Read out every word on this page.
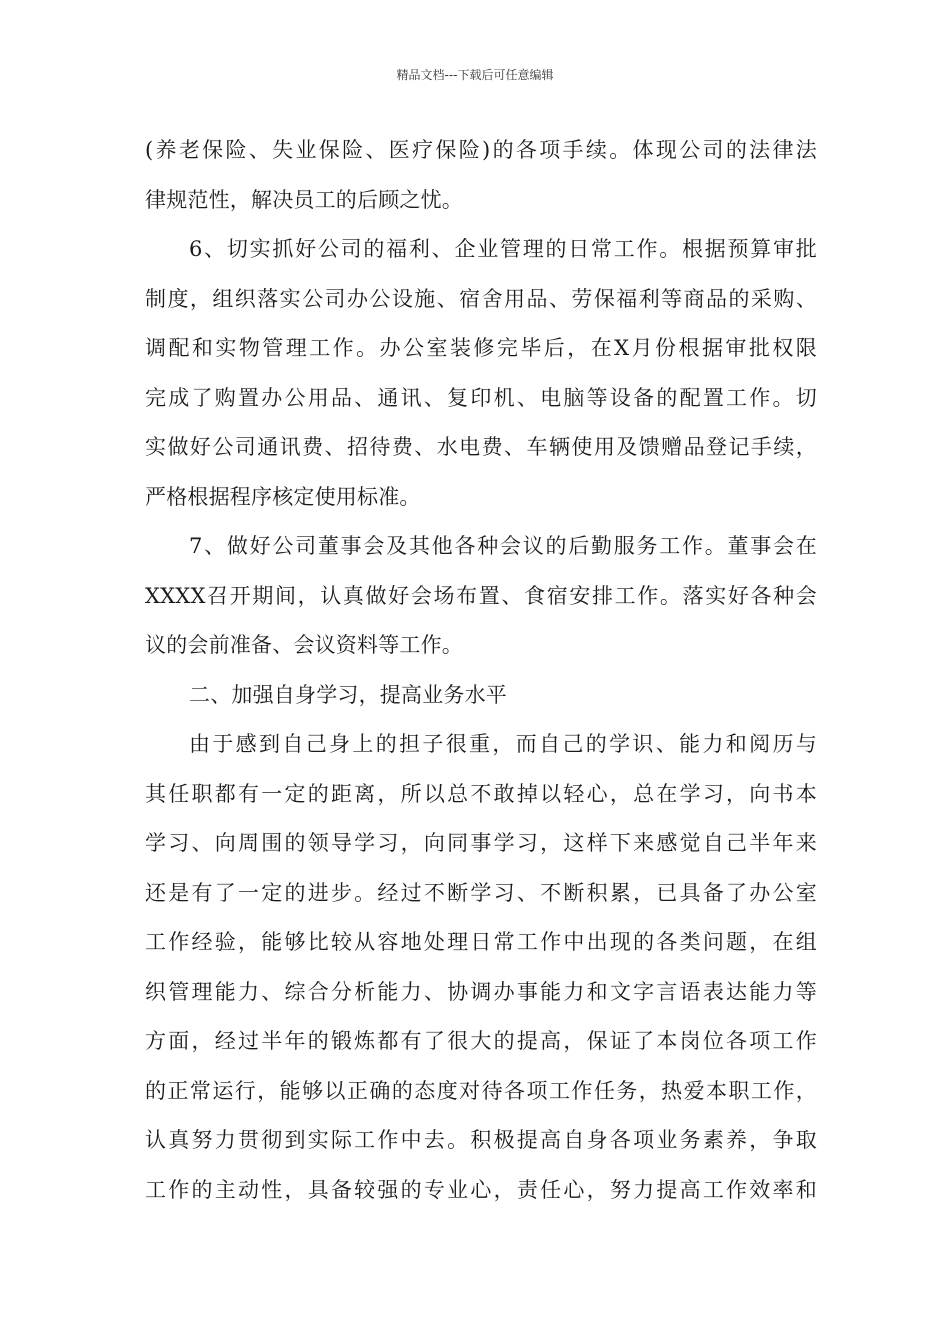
精品文档---下载后可任意编辑
(养老保险、失业保险、医疗保险)的各项手续。体现公司的法律法
律规范性，解决员工的后顾之忧。
6、切实抓好公司的福利、企业管理的日常工作。根据预算审批
制度，组织落实公司办公设施、宿舍用品、劳保福利等商品的采购、
调配和实物管理工作。办公室装修完毕后，在X月份根据审批权限
完成了购置办公用品、通讯、复印机、电脑等设备的配置工作。切
实做好公司通讯费、招待费、水电费、车辆使用及馈赠品登记手续，
严格根据程序核定使用标准。
7、做好公司董事会及其他各种会议的后勤服务工作。董事会在
XXXX召开期间，认真做好会场布置、食宿安排工作。落实好各种会
议的会前准备、会议资料等工作。
二、加强自身学习，提高业务水平
由于感到自己身上的担子很重，而自己的学识、能力和阅历与
其任职都有一定的距离，所以总不敢掉以轻心，总在学习，向书本
学习、向周围的领导学习，向同事学习，这样下来感觉自己半年来
还是有了一定的进步。经过不断学习、不断积累，已具备了办公室
工作经验，能够比较从容地处理日常工作中出现的各类问题，在组
织管理能力、综合分析能力、协调办事能力和文字言语表达能力等
方面，经过半年的锻炼都有了很大的提高，保证了本岗位各项工作
的正常运行，能够以正确的态度对待各项工作任务，热爱本职工作，
认真努力贯彻到实际工作中去。积极提高自身各项业务素养，争取
工作的主动性，具备较强的专业心，责任心，努力提高工作效率和
